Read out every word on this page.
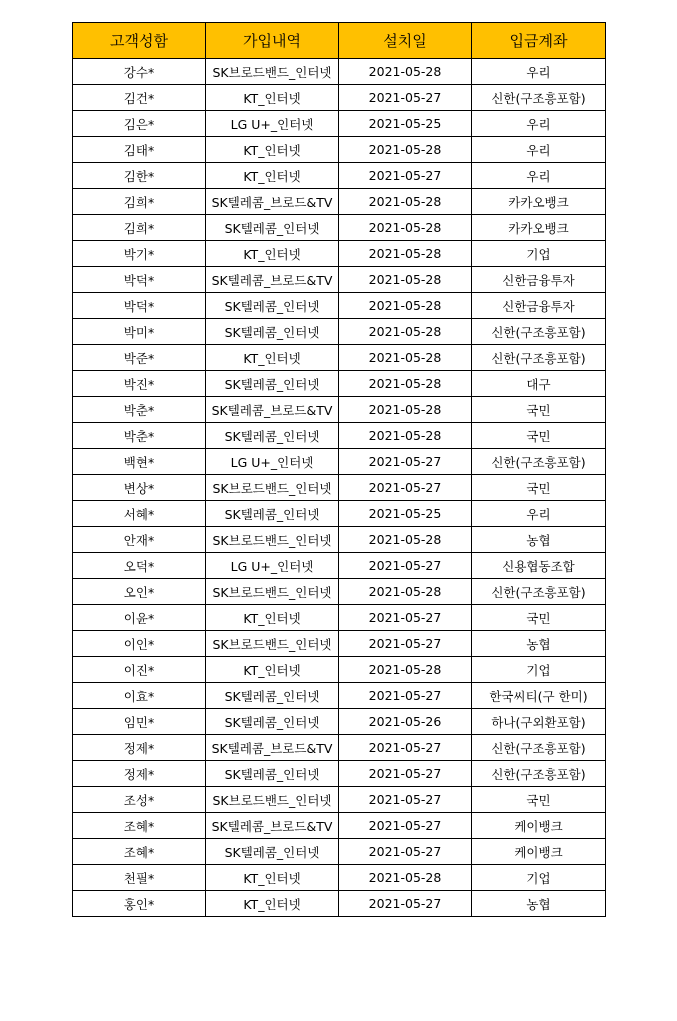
고객성함	가입내역	설치일	입금계좌
강수*	SK브로드밴드_인터넷	2021-05-28	우리
김건*	KT_인터넷	2021-05-27	신한(구조흥포함)
김은*	LG U+_인터넷	2021-05-25	우리
김태*	KT_인터넷	2021-05-28	우리
김한*	KT_인터넷	2021-05-27	우리
김희*	SK텔레콤_브로드&TV	2021-05-28	카카오뱅크
김희*	SK텔레콤_인터넷	2021-05-28	카카오뱅크
박기*	KT_인터넷	2021-05-28	기업
박덕*	SK텔레콤_브로드&TV	2021-05-28	신한금융투자
박덕*	SK텔레콤_인터넷	2021-05-28	신한금융투자
박미*	SK텔레콤_인터넷	2021-05-28	신한(구조흥포함)
박준*	KT_인터넷	2021-05-28	신한(구조흥포함)
박진*	SK텔레콤_인터넷	2021-05-28	대구
박춘*	SK텔레콤_브로드&TV	2021-05-28	국민
박춘*	SK텔레콤_인터넷	2021-05-28	국민
백현*	LG U+_인터넷	2021-05-27	신한(구조흥포함)
변상*	SK브로드밴드_인터넷	2021-05-27	국민
서혜*	SK텔레콤_인터넷	2021-05-25	우리
안재*	SK브로드밴드_인터넷	2021-05-28	농협
오덕*	LG U+_인터넷	2021-05-27	신용협동조합
오인*	SK브로드밴드_인터넷	2021-05-28	신한(구조흥포함)
이윤*	KT_인터넷	2021-05-27	국민
이인*	SK브로드밴드_인터넷	2021-05-27	농협
이진*	KT_인터넷	2021-05-28	기업
이효*	SK텔레콤_인터넷	2021-05-27	한국씨티(구 한미)
임민*	SK텔레콤_인터넷	2021-05-26	하나(구외환포함)
정제*	SK텔레콤_브로드&TV	2021-05-27	신한(구조흥포함)
정제*	SK텔레콤_인터넷	2021-05-27	신한(구조흥포함)
조성*	SK브로드밴드_인터넷	2021-05-27	국민
조혜*	SK텔레콤_브로드&TV	2021-05-27	케이뱅크
조혜*	SK텔레콤_인터넷	2021-05-27	케이뱅크
천필*	KT_인터넷	2021-05-28	기업
홍인*	KT_인터넷	2021-05-27	농협
